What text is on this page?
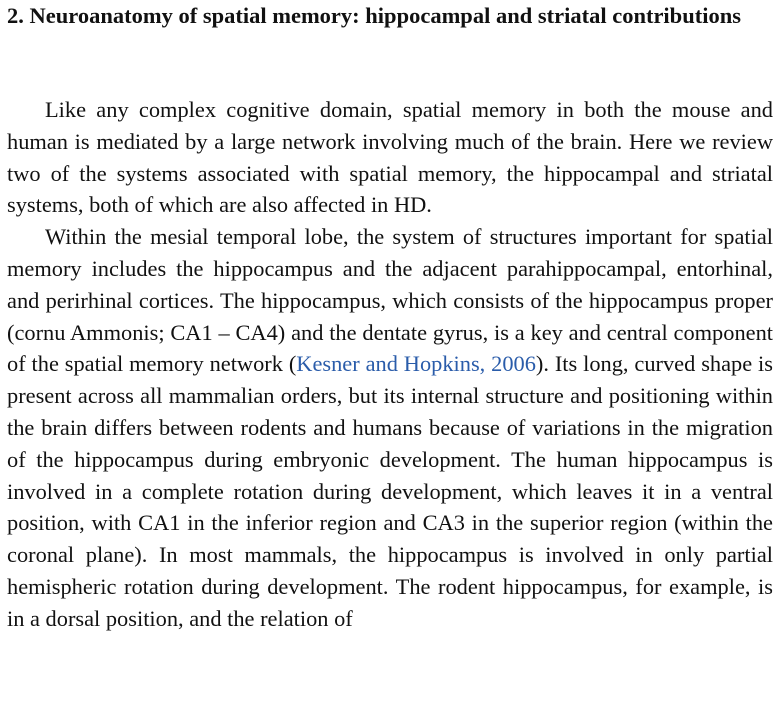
2. Neuroanatomy of spatial memory: hippocampal and striatal contributions

Like any complex cognitive domain, spatial memory in both the mouse and human is mediated by a large network involving much of the brain. Here we review two of the systems associated with spatial memory, the hippocampal and striatal systems, both of which are also affected in HD.

Within the mesial temporal lobe, the system of structures important for spatial memory includes the hippocampus and the adjacent parahippocampal, entorhinal, and perirhinal cortices. The hippocampus, which consists of the hippocampus proper (cornu Ammonis; CA1 – CA4) and the dentate gyrus, is a key and central component of the spatial memory network (Kesner and Hopkins, 2006). Its long, curved shape is present across all mammalian orders, but its internal structure and positioning within the brain differs between rodents and humans because of variations in the migration of the hippocampus during embryonic development. The human hippocampus is involved in a complete rotation during development, which leaves it in a ventral position, with CA1 in the inferior region and CA3 in the superior region (within the coronal plane). In most mammals, the hippocampus is involved in only partial hemispheric rotation during development. The rodent hippocampus, for example, is in a dorsal position, and the relation of
